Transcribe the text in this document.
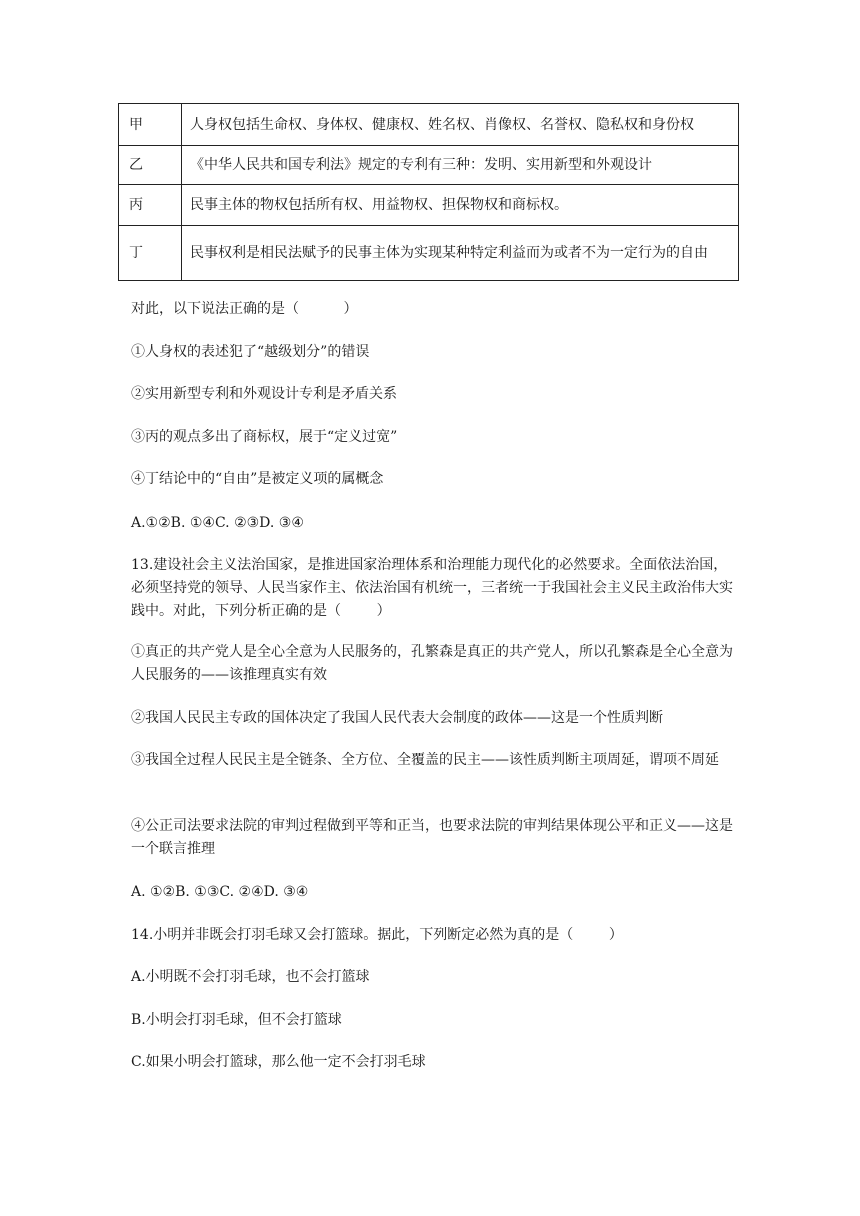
甲	人身权包括生命权、身体权、健康权、姓名权、肖像权、名誉权、隐私权和身份权
乙	《中华人民共和国专利法》规定的专利有三种：发明、实用新型和外观设计
丙	民事主体的物权包括所有权、用益物权、担保物权和商标权。
丁	民事权利是相民法赋予的民事主体为实现某种特定利益而为或者不为一定行为的自由
对此，以下说法正确的是（          ）
①人身权的表述犯了“越级划分”的错误
②实用新型专利和外观设计专利是矛盾关系
③丙的观点多出了商标权，展于“定义过宽”
④丁结论中的“自由”是被定义项的属概念
A.①②B. ①④C. ②③D. ③④
13.建设社会主义法治国家，是推进国家治理体系和治理能力现代化的必然要求。全面依法治国，必须坚持党的领导、人民当家作主、依法治国有机统一，三者统一于我国社会主义民主政治伟大实践中。对此，下列分析正确的是（        ）
①真正的共产党人是全心全意为人民服务的，孔繁森是真正的共产党人，所以孔繁森是全心全意为人民服务的——该推理真实有效
②我国人民民主专政的国体决定了我国人民代表大会制度的政体——这是一个性质判断
③我国全过程人民民主是全链条、全方位、全覆盖的民主——该性质判断主项周延，谓项不周延
④公正司法要求法院的审判过程做到平等和正当，也要求法院的审判结果体现公平和正义——这是一个联言推理
A. ①②B. ①③C. ②④D. ③④
14.小明并非既会打羽毛球又会打篮球。据此，下列断定必然为真的是（        ）
A.小明既不会打羽毛球，也不会打篮球
B.小明会打羽毛球，但不会打篮球
C.如果小明会打篮球，那么他一定不会打羽毛球
